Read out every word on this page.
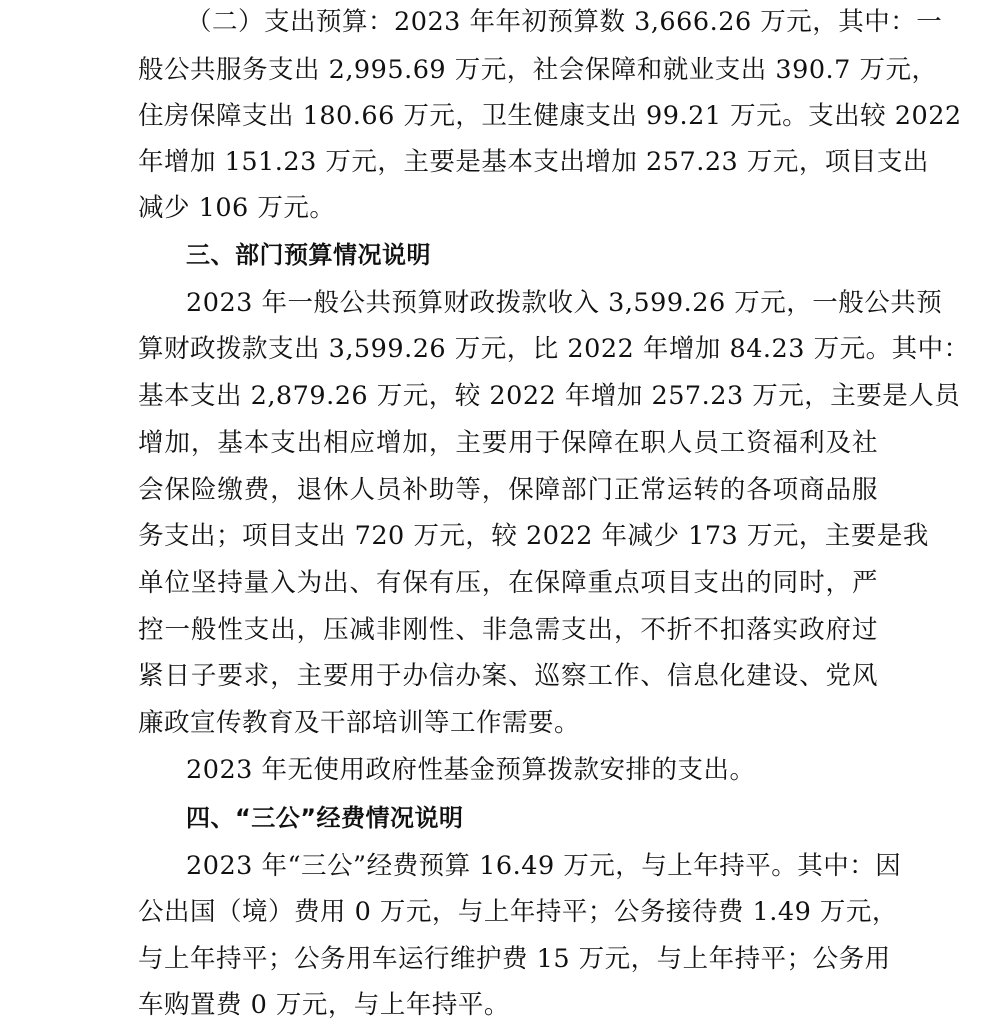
（二）支出预算：2023 年年初预算数 3,666.26 万元，其中：一
般公共服务支出 2,995.69 万元，社会保障和就业支出 390.7 万元，
住房保障支出 180.66 万元，卫生健康支出 99.21 万元。支出较 2022
年增加 151.23 万元，主要是基本支出增加 257.23 万元，项目支出
减少 106 万元。
三、部门预算情况说明
2023 年一般公共预算财政拨款收入 3,599.26 万元，一般公共预
算财政拨款支出 3,599.26 万元，比 2022 年增加 84.23 万元。其中：
基本支出 2,879.26 万元，较 2022 年增加 257.23 万元，主要是人员
增加，基本支出相应增加，主要用于保障在职人员工资福利及社
会保险缴费，退休人员补助等，保障部门正常运转的各项商品服
务支出；项目支出 720 万元，较 2022 年减少 173 万元，主要是我
单位坚持量入为出、有保有压，在保障重点项目支出的同时，严
控一般性支出，压减非刚性、非急需支出，不折不扣落实政府过
紧日子要求，主要用于办信办案、巡察工作、信息化建设、党风
廉政宣传教育及干部培训等工作需要。
2023 年无使用政府性基金预算拨款安排的支出。
四、“三公”经费情况说明
2023 年“三公”经费预算 16.49 万元，与上年持平。其中：因
公出国（境）费用 0 万元，与上年持平；公务接待费 1.49 万元，
与上年持平；公务用车运行维护费 15 万元，与上年持平；公务用
车购置费 0 万元，与上年持平。
